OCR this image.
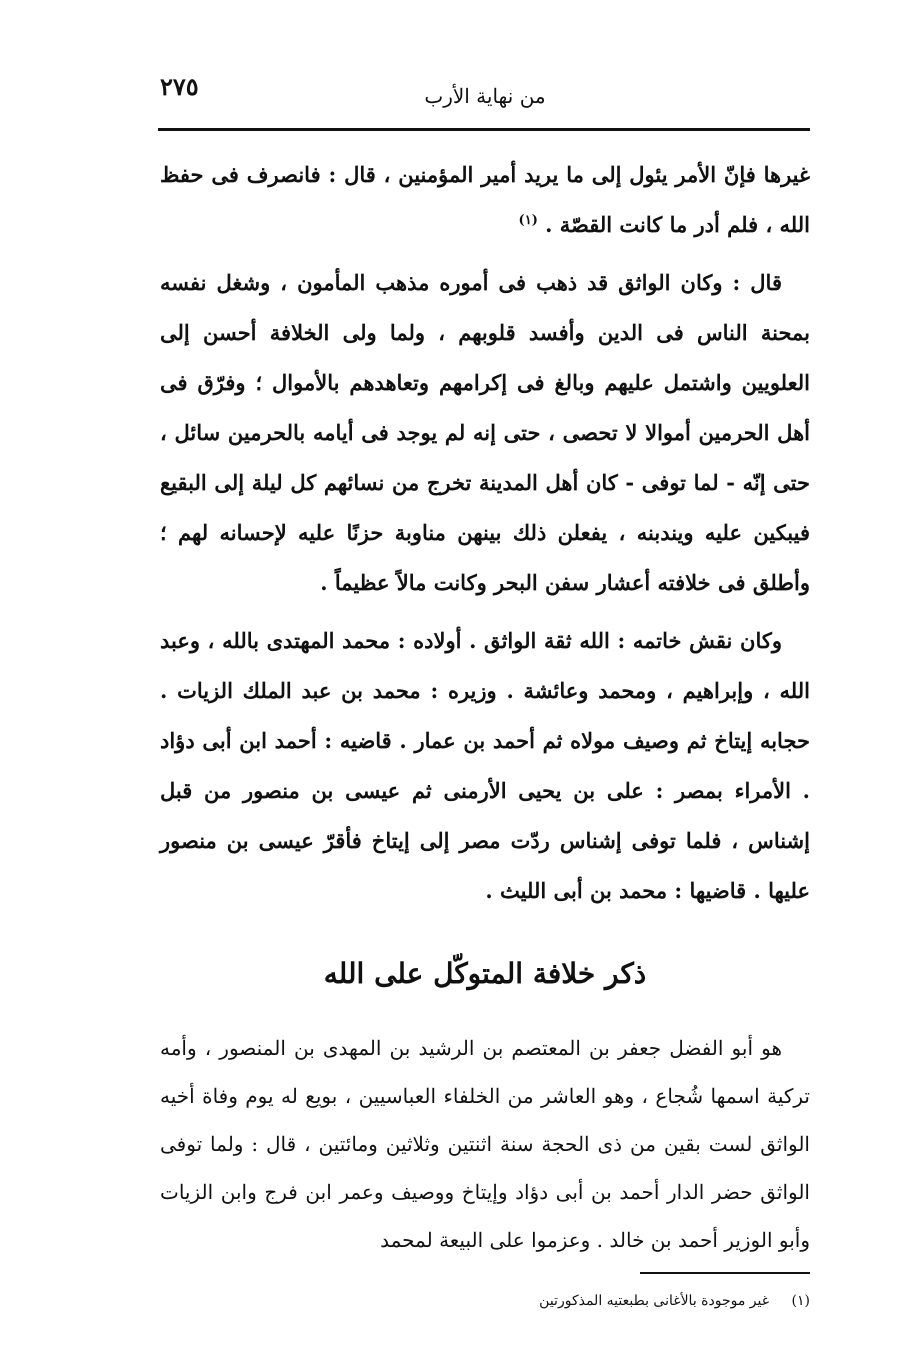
٢٧٥	من نهاية الأرب

غيرها فإنّ الأمر يئول إلى ما يريد أمير المؤمنين ، قال : فانصرف فى حفظ الله ، فلم أدر ما كانت القصّة . $^{(١)}$

قال : وكان الواثق قد ذهب فى أموره مذهب المأمون ، وشغل نفسه بمحنة الناس فى الدين وأفسد قلوبهم ، ولما ولى الخلافة أحسن إلى العلويين واشتمل عليهم وبالغ فى إكرامهم وتعاهدهم بالأموال ؛ وفرّق فى أهل الحرمين أموالا لا تحصى ، حتى إنه لم يوجد فى أيامه بالحرمين سائل ، حتى إنّه - لما توفى - كان أهل المدينة تخرج من نسائهم كل ليلة إلى البقيع فيبكين عليه ويندبنه ، يفعلن ذلك بينهن مناوبة حزنًا عليه لإحسانه لهم ؛ وأطلق فى خلافته أعشار سفن البحر وكانت مالاً عظيماً .

وكان نقش خاتمه : الله ثقة الواثق . أولاده : محمد المهتدى بالله ، وعبد الله ، وإبراهيم ، ومحمد وعائشة . وزيره : محمد بن عبد الملك الزيات . حجابه إيتاخ ثم وصيف مولاه ثم أحمد بن عمار . قاضيه : أحمد ابن أبى دؤاد . الأمراء بمصر : على بن يحيى الأرمنى ثم عيسى بن منصور من قبل إشناس ، فلما توفى إشناس ردّت مصر إلى إيتاخ فأقرّ عيسى بن منصور عليها . قاضيها : محمد بن أبى الليث .

ذكر خلافة المتوكّل على الله

هو أبو الفضل جعفر بن المعتصم بن الرشيد بن المهدى بن المنصور ، وأمه تركية اسمها شُجاع ، وهو العاشر من الخلفاء العباسيين ، بويع له يوم وفاة أخيه الواثق لست بقين من ذى الحجة سنة اثنتين وثلاثين ومائتين ، قال : ولما توفى الواثق حضر الدار أحمد بن أبى دؤاد وإيتاخ ووصيف وعمر ابن فرج وابن الزيات وأبو الوزير أحمد بن خالد . وعزموا على البيعة لمحمد

(١) غير موجودة بالأغانى بطبعتيه المذكورتين
